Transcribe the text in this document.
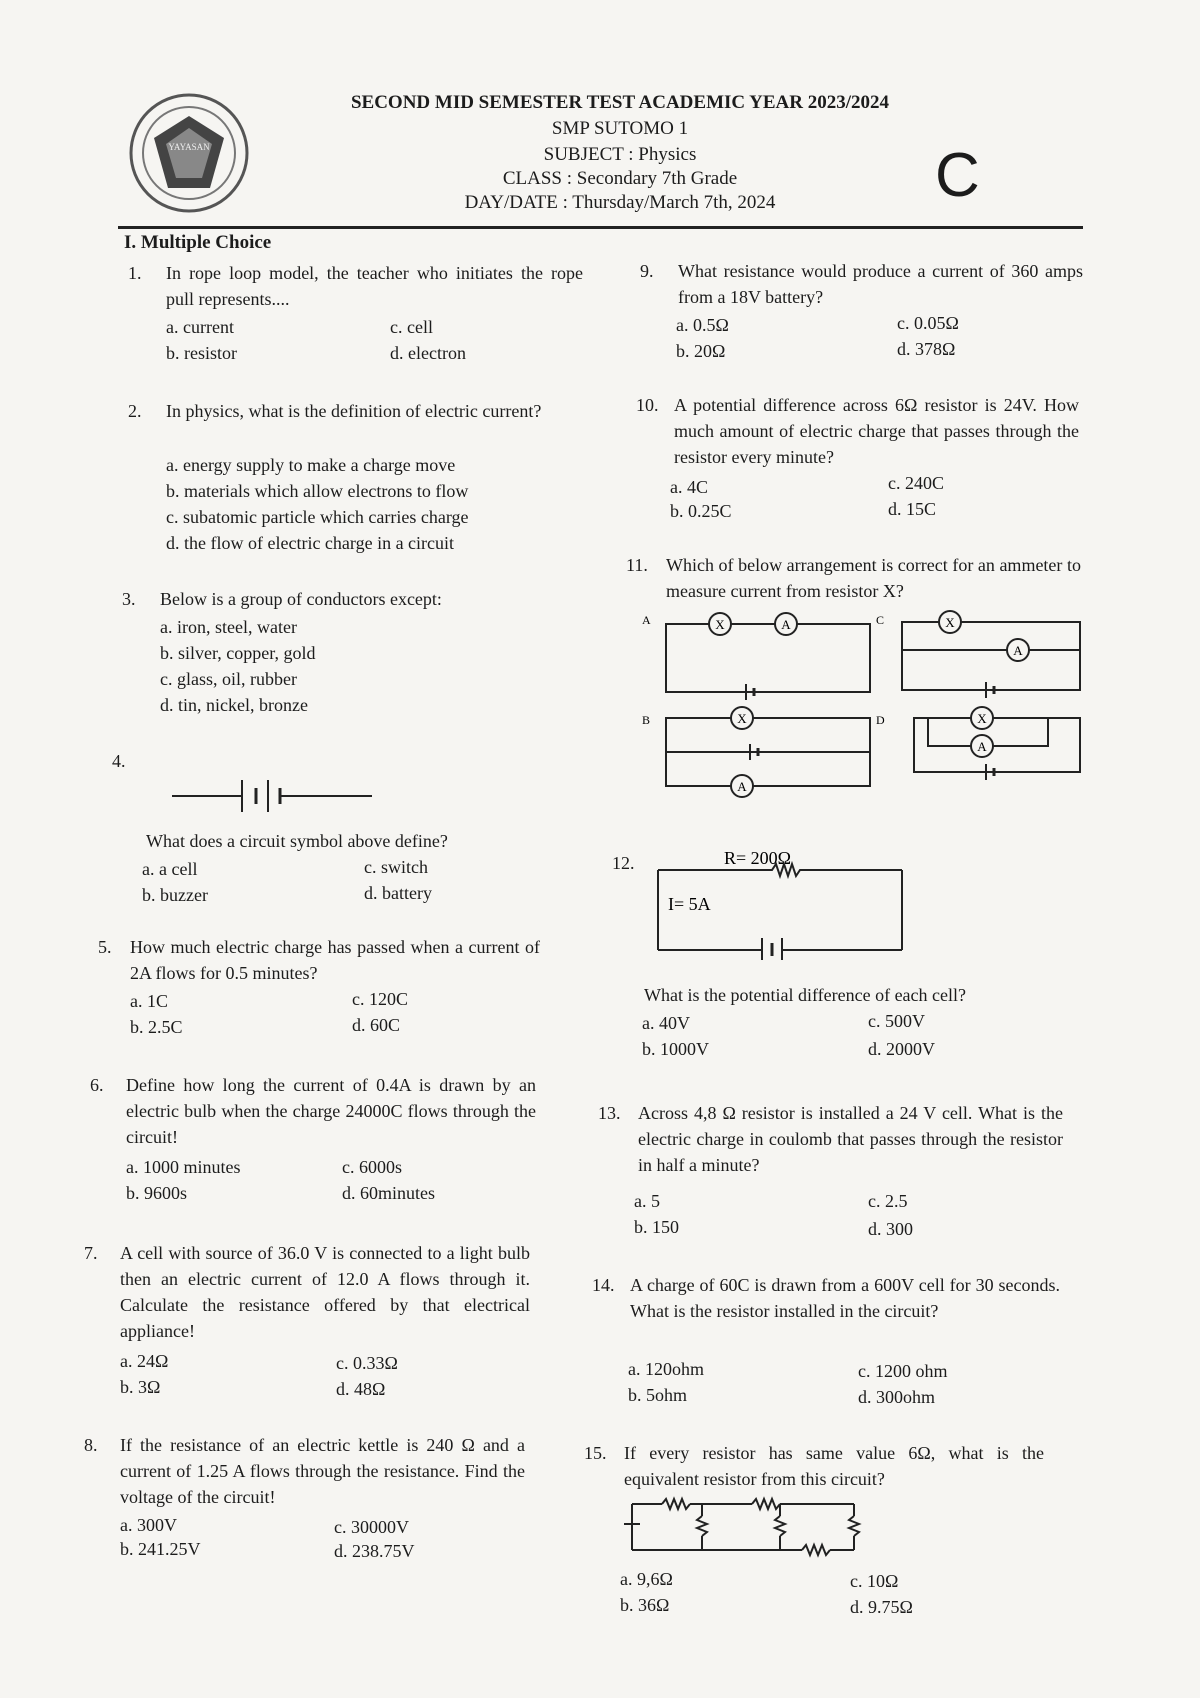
YAYASAN
SECOND MID SEMESTER TEST ACADEMIC YEAR 2023/2024
SMP SUTOMO 1
SUBJECT : Physics
CLASS : Secondary 7th Grade
DAY/DATE : Thursday/March 7th, 2024	C
I. Multiple Choice
1. In rope loop model, the teacher who initiates the rope pull represents....
a. current	c. cell
b. resistor	d. electron
2. In physics, what is the definition of electric current?
a. energy supply to make a charge move
b. materials which allow electrons to flow
c. subatomic particle which carries charge
d. the flow of electric charge in a circuit
3. Below is a group of conductors except:
a. iron, steel, water
b. silver, copper, gold
c. glass, oil, rubber
d. tin, nickel, bronze
4.
What does a circuit symbol above define?
a. a cell	c. switch
b. buzzer	d. battery
5. How much electric charge has passed when a current of 2A flows for 0.5 minutes?
a. 1C	c. 120C
b. 2.5C	d. 60C
6. Define how long the current of 0.4A is drawn by an electric bulb when the charge 24000C flows through the circuit!
a. 1000 minutes	c. 6000s
b. 9600s	d. 60minutes
7. A cell with source of 36.0 V is connected to a light bulb then an electric current of 12.0 A flows through it. Calculate the resistance offered by that electrical appliance!
a. 24Ω	c. 0.33Ω
b. 3Ω	d. 48Ω
8. If the resistance of an electric kettle is 240 Ω and a current of 1.25 A flows through the resistance. Find the voltage of the circuit!
a. 300V	c. 30000V
b. 241.25V	d. 238.75V
9. What resistance would produce a current of 360 amps from a 18V battery?
a. 0.5Ω	c. 0.05Ω
b. 20Ω	d. 378Ω
10. A potential difference across 6Ω resistor is 24V. How much amount of electric charge that passes through the resistor every minute?
a. 4C	c. 240C
b. 0.25C	d. 15C
11. Which of below arrangement is correct for an ammeter to measure current from resistor X?
A	X	A	C	X
A
B	X
A
D	X
A
12.	R= 200Ω
I= 5A
What is the potential difference of each cell?
a. 40V	c. 500V
b. 1000V	d. 2000V
13. Across 4,8 Ω resistor is installed a 24 V cell. What is the electric charge in coulomb that passes through the resistor in half a minute?
a. 5	c. 2.5
b. 150	d. 300
14. A charge of 60C is drawn from a 600V cell for 30 seconds. What is the resistor installed in the circuit?
a. 120ohm	c. 1200 ohm
b. 5ohm	d. 300ohm
15. If every resistor has same value 6Ω, what is the equivalent resistor from this circuit?
a. 9,6Ω	c. 10Ω
b. 36Ω	d. 9.75Ω
